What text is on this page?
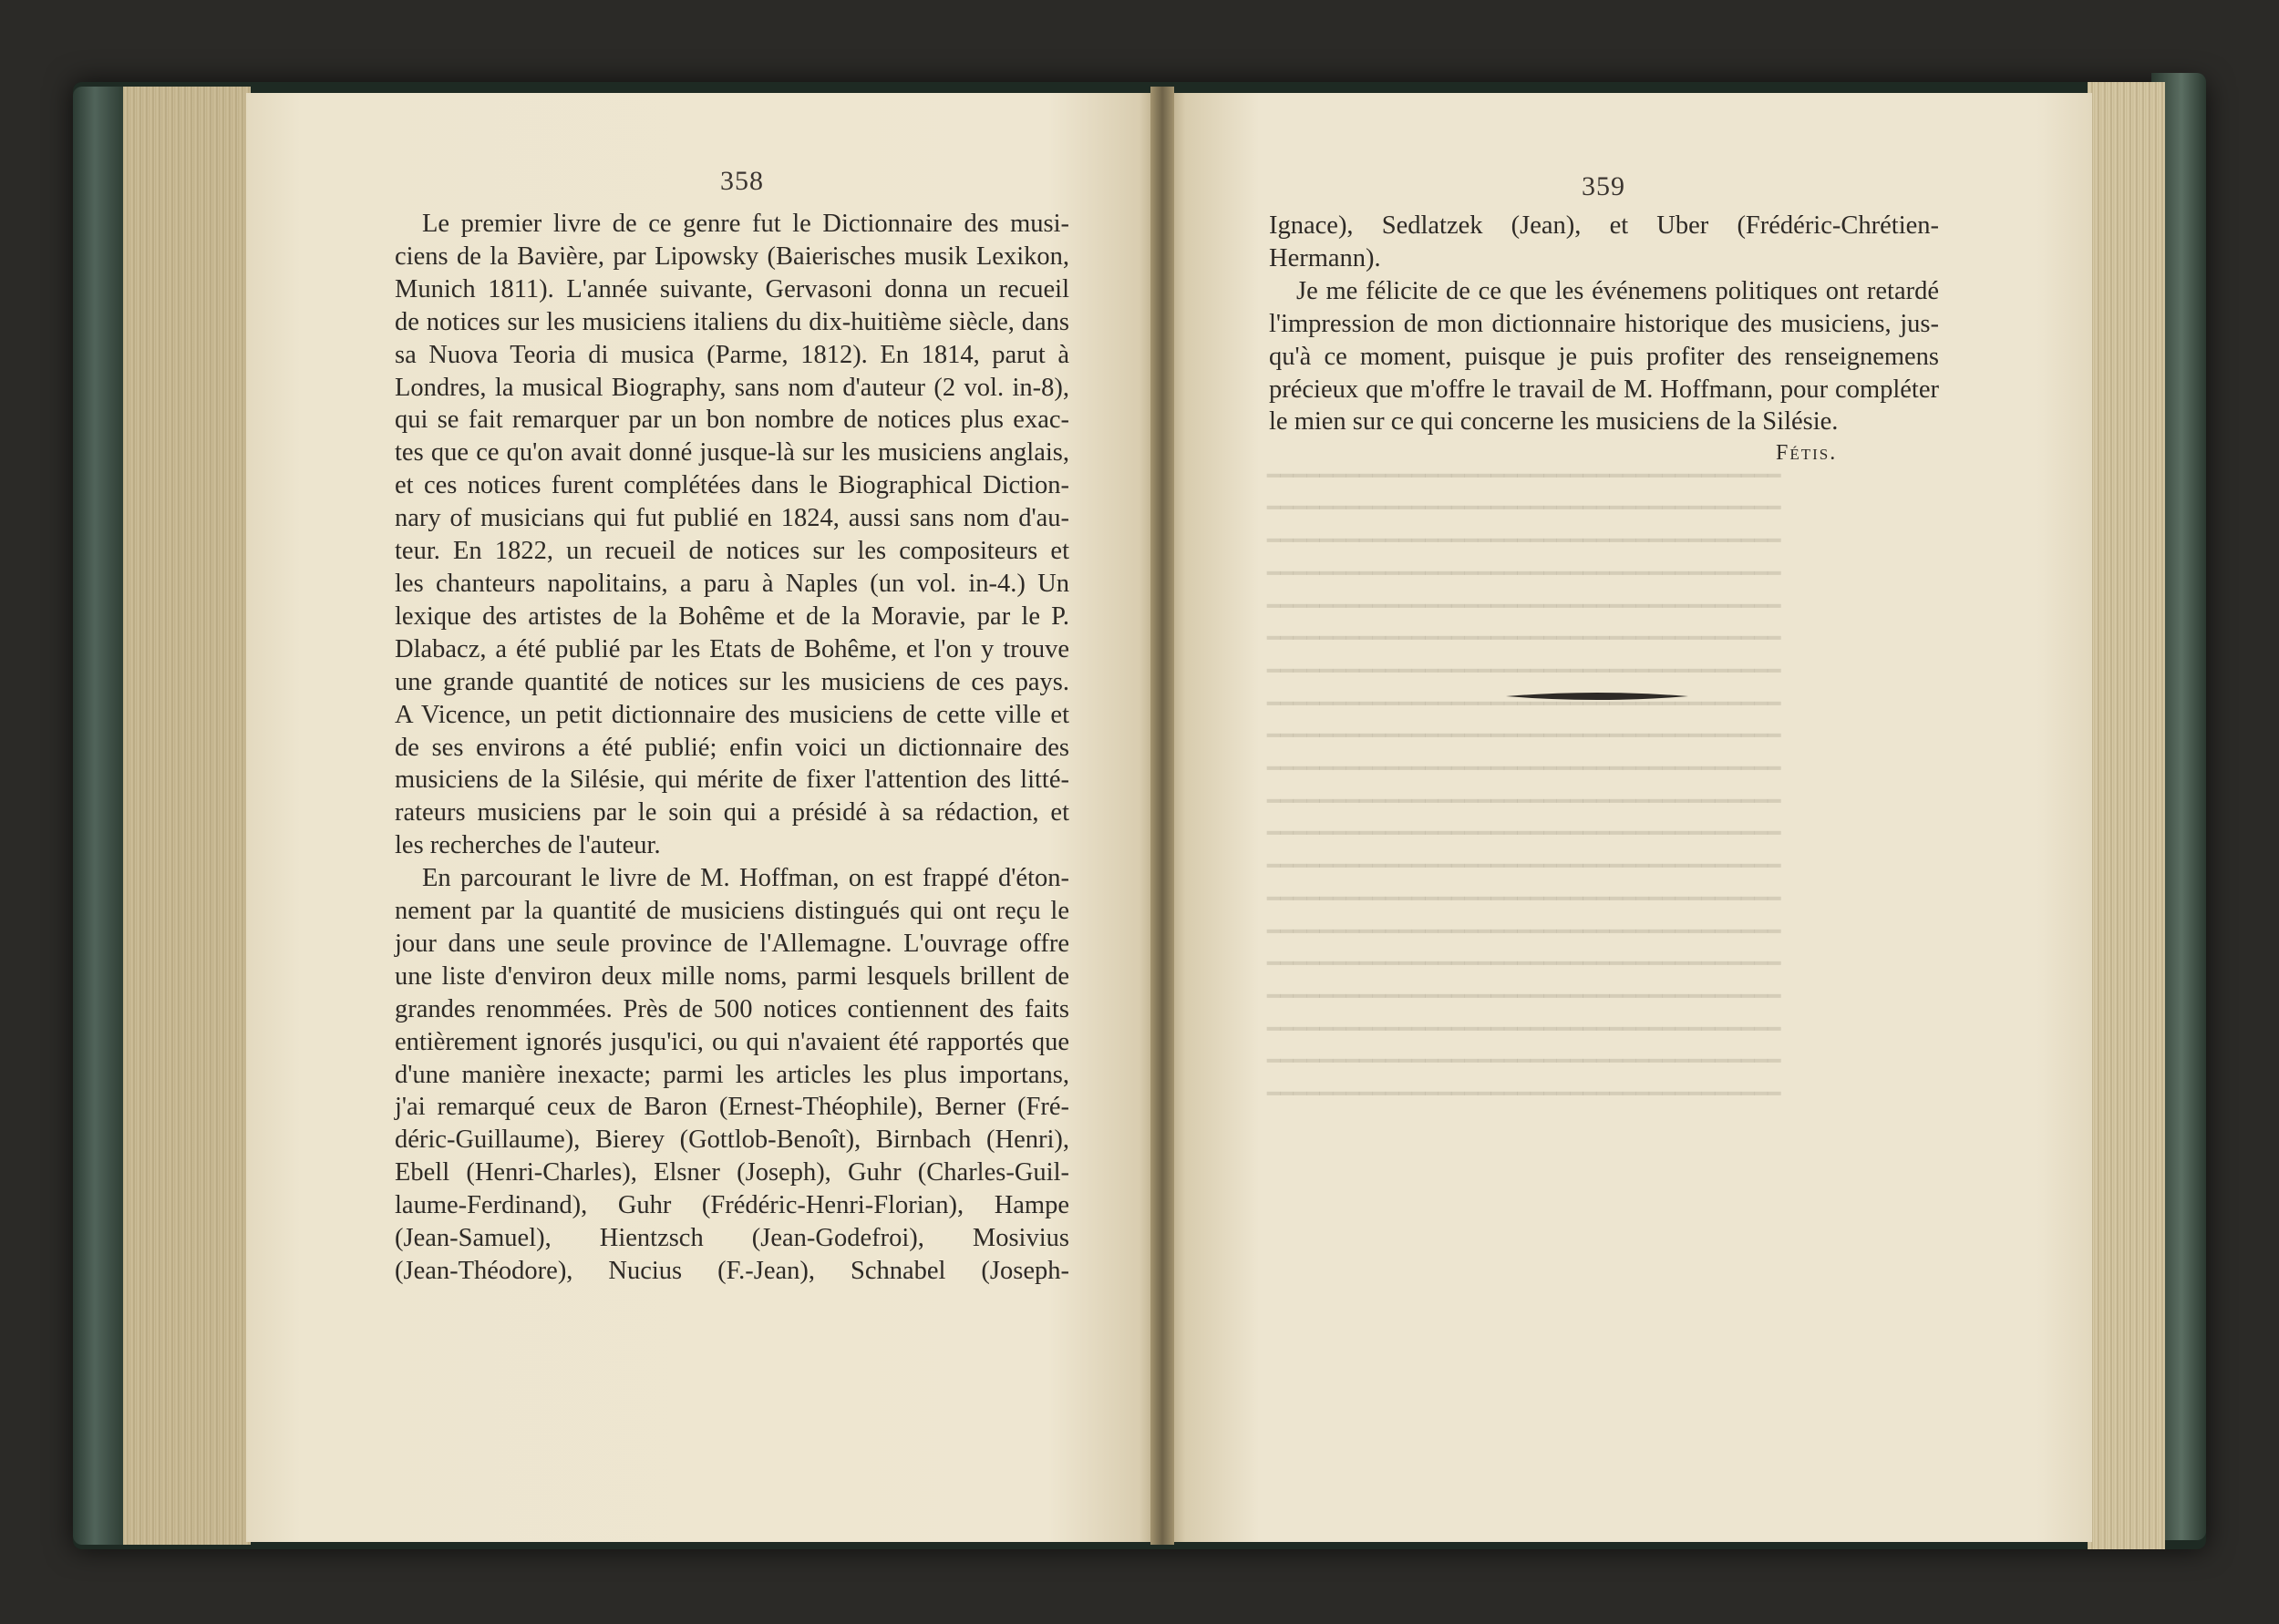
358	359
Le premier livre de ce genre fut le Dictionnaire des musi-
ciens de la Bavière, par Lipowsky (Baierisches musik Lexikon,
Munich 1811). L'année suivante, Gervasoni donna un recueil
de notices sur les musiciens italiens du dix-huitième siècle, dans
sa Nuova Teoria di musica (Parme, 1812). En 1814, parut à
Londres, la musical Biography, sans nom d'auteur (2 vol. in-8),
qui se fait remarquer par un bon nombre de notices plus exac-
tes que ce qu'on avait donné jusque-là sur les musiciens anglais,
et ces notices furent complétées dans le Biographical Diction-
nary of musicians qui fut publié en 1824, aussi sans nom d'au-
teur. En 1822, un recueil de notices sur les compositeurs et
les chanteurs napolitains, a paru à Naples (un vol. in-4.) Un
lexique des artistes de la Bohême et de la Moravie, par le P.
Dlabacz, a été publié par les Etats de Bohême, et l'on y trouve
une grande quantité de notices sur les musiciens de ces pays.
A Vicence, un petit dictionnaire des musiciens de cette ville et
de ses environs a été publié; enfin voici un dictionnaire des
musiciens de la Silésie, qui mérite de fixer l'attention des litté-
rateurs musiciens par le soin qui a présidé à sa rédaction, et
les recherches de l'auteur.
En parcourant le livre de M. Hoffman, on est frappé d'éton-
nement par la quantité de musiciens distingués qui ont reçu le
jour dans une seule province de l'Allemagne. L'ouvrage offre
une liste d'environ deux mille noms, parmi lesquels brillent de
grandes renommées. Près de 500 notices contiennent des faits
entièrement ignorés jusqu'ici, ou qui n'avaient été rapportés que
d'une manière inexacte; parmi les articles les plus importans,
j'ai remarqué ceux de Baron (Ernest-Théophile), Berner (Fré-
déric-Guillaume), Bierey (Gottlob-Benoît), Birnbach (Henri),
Ebell (Henri-Charles), Elsner (Joseph), Guhr (Charles-Guil-
laume-Ferdinand), Guhr (Frédéric-Henri-Florian), Hampe
(Jean-Samuel), Hientzsch (Jean-Godefroi), Mosivius
(Jean-Théodore), Nucius (F.-Jean), Schnabel (Joseph-
Ignace), Sedlatzek (Jean), et Uber (Frédéric-Chrétien-
Hermann).
Je me félicite de ce que les événemens politiques ont retardé
l'impression de mon dictionnaire historique des musiciens, jus-
qu'à ce moment, puisque je puis profiter des renseignemens
précieux que m'offre le travail de M. Hoffmann, pour compléter
le mien sur ce qui concerne les musiciens de la Silésie.
Fétis.
